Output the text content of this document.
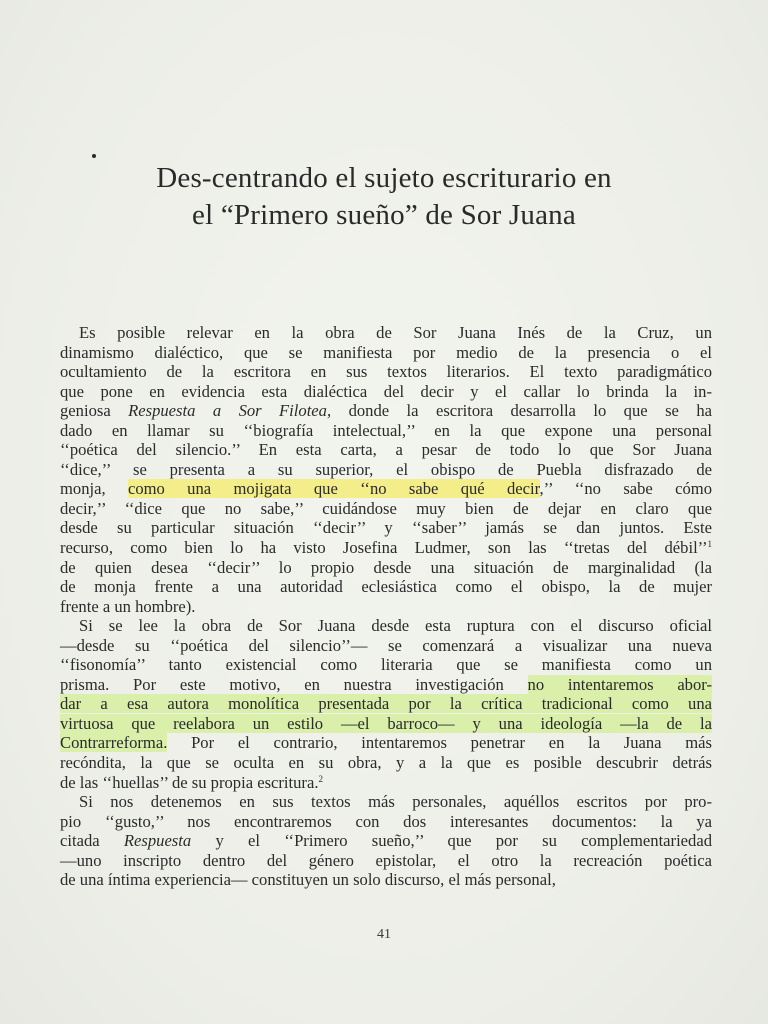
Des-centrando el sujeto escriturario en
el “Primero sueño” de Sor Juana
Es posible relevar en la obra de Sor Juana Inés de la Cruz, un
dinamismo dialéctico, que se manifiesta por medio de la presencia o el
ocultamiento de la escritora en sus textos literarios. El texto paradigmático
que pone en evidencia esta dialéctica del decir y el callar lo brinda la in-
geniosa Respuesta a Sor Filotea, donde la escritora desarrolla lo que se ha
dado en llamar su ‘‘biografía intelectual,’’ en la que expone una personal
‘‘poética del silencio.’’ En esta carta, a pesar de todo lo que Sor Juana
‘‘dice,’’ se presenta a su superior, el obispo de Puebla disfrazado de
monja, como una mojigata que ‘‘no sabe qué decir,’’ ‘‘no sabe cómo
decir,’’ ‘‘dice que no sabe,’’ cuidándose muy bien de dejar en claro que
desde su particular situación ‘‘decir’’ y ‘‘saber’’ jamás se dan juntos. Este
recurso, como bien lo ha visto Josefina Ludmer, son las ‘‘tretas del débil’’$^1$
de quien desea ‘‘decir’’ lo propio desde una situación de marginalidad (la
de monja frente a una autoridad eclesiástica como el obispo, la de mujer
frente a un hombre).
Si se lee la obra de Sor Juana desde esta ruptura con el discurso oficial
—desde su ‘‘poética del silencio’’— se comenzará a visualizar una nueva
‘‘fisonomía’’ tanto existencial como literaria que se manifiesta como un
prisma. Por este motivo, en nuestra investigación no intentaremos abor-
dar a esa autora monolítica presentada por la crítica tradicional como una
virtuosa que reelabora un estilo —el barroco— y una ideología —la de la
Contrarreforma. Por el contrario, intentaremos penetrar en la Juana más
recóndita, la que se oculta en su obra, y a la que es posible descubrir detrás
de las ‘‘huellas’’ de su propia escritura.$^2$
Si nos detenemos en sus textos más personales, aquéllos escritos por pro-
pio ‘‘gusto,’’ nos encontraremos con dos interesantes documentos: la ya
citada Respuesta y el ‘‘Primero sueño,’’ que por su complementariedad
—uno inscripto dentro del género epistolar, el otro la recreación poética
de una íntima experiencia— constituyen un solo discurso, el más personal,
41
